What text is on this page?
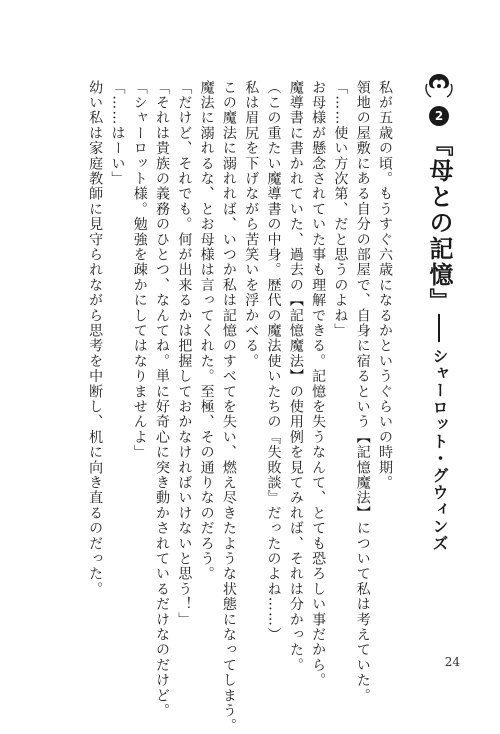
2
『母との記憶』
シャーロット・グウィンズ

私が五歳の頃。もうすぐ六歳になるかというぐらいの時期。

領地の屋敷にある自分の部屋で、自身に宿るという【記憶魔法】について私は考えていた。

「……使い方次第、だと思うのよね」

お母様が懸念されていた事も理解できる。記憶を失うなんて、とても恐ろしい事だから。

魔導書に書かれていた、過去の【記憶魔法】の使用例を見てみれば、それは分かった。

（この重たい魔導書の中身。歴代の魔法使いたちの『失敗談』だったのよね……）

私は眉尻を下げながら苦笑いを浮かべる。

この魔法に溺れれば、いつか私は記憶のすべてを失い、燃え尽きたような状態になってしまう。

魔法に溺れるな、とお母様は言ってくれた。至極、その通りなのだろう。

「だけど、それでも。何が出来るかは把握しておかなければいけないと思う！」

「それは貴族の義務のひとつ、なんてね。単に好奇心に突き動かされているだけなのだけど。

「シャーロット様。勉強を疎かにしてはなりませんよ」

「……はーい」

幼い私は家庭教師に見守られながら思考を中断し、机に向き直るのだった。

24
